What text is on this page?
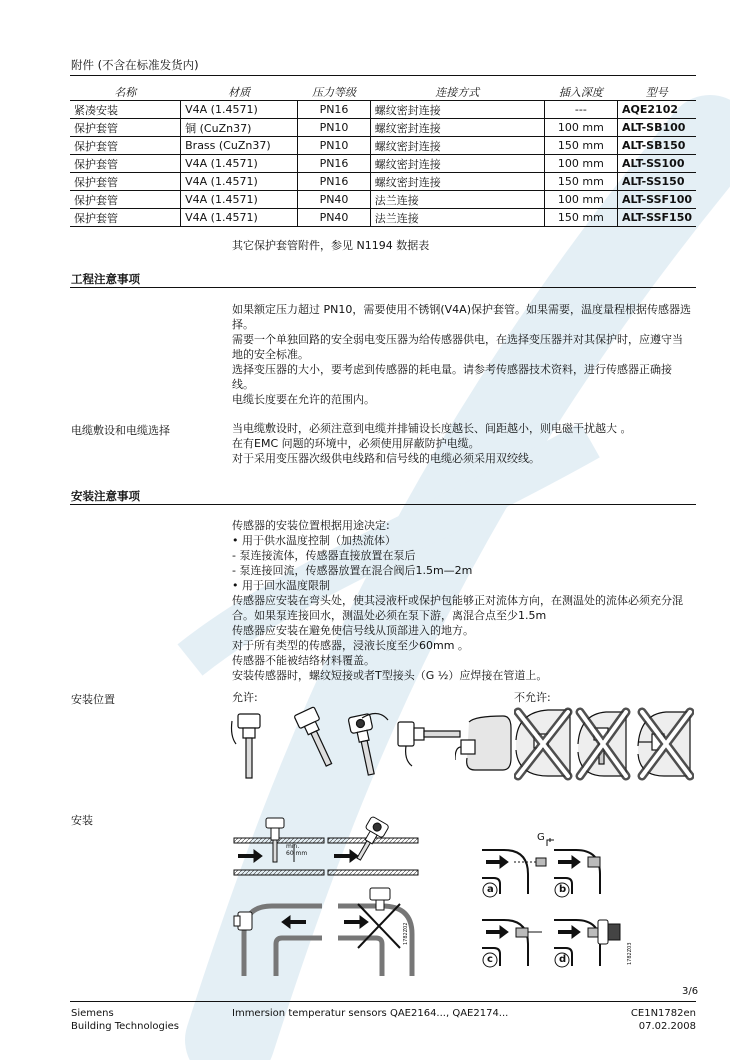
附件 (不含在标准发货内)
名称	材质	压力等级	连接方式	插入深度	型号
紧凑安装	V4A (1.4571)	PN16	螺纹密封连接	---	AQE2102
保护套管	铜 (CuZn37)	PN10	螺纹密封连接	100 mm	ALT-SB100
保护套管	Brass (CuZn37)	PN10	螺纹密封连接	150 mm	ALT-SB150
保护套管	V4A (1.4571)	PN16	螺纹密封连接	100 mm	ALT-SS100
保护套管	V4A (1.4571)	PN16	螺纹密封连接	150 mm	ALT-SS150
保护套管	V4A (1.4571)	PN40	法兰连接	100 mm	ALT-SSF100
保护套管	V4A (1.4571)	PN40	法兰连接	150 mm	ALT-SSF150
其它保护套管附件，参见 N1194 数据表
工程注意事项

如果额定压力超过 PN10，需要使用不锈钢(V4A)保护套管。如果需要，温度量程根据传感器选择。

需要一个单独回路的安全弱电变压器为给传感器供电，在选择变压器并对其保护时，应遵守当地的安全标准。

选择变压器的大小，要考虑到传感器的耗电量。请参考传感器技术资料，进行传感器正确接线。

电缆长度要在允许的范围内。

电缆敷设和电缆选择	当电缆敷设时，必须注意到电缆并排铺设长度越长、间距越小，则电磁干扰越大 。

在有EMC 问题的环境中，必须使用屏蔽防护电缆。

对于采用变压器次级供电线路和信号线的电缆必须采用双绞线。

安装注意事项

传感器的安装位置根据用途决定:

• 用于供水温度控制（加热流体）

- 泵连接流体，传感器直接放置在泵后

- 泵连接回流，传感器放置在混合阀后1.5m—2m

• 用于回水温度限制

传感器应安装在弯头处，使其浸液杆或保护包能够正对流体方向，在测温处的流体必须充分混合。如果泵连接回水，测温处必须在泵下游，离混合点至少1.5m

传感器应安装在避免使信号线从顶部进入的地方。

对于所有类型的传感器，浸液长度至少60mm 。

传感器不能被结络材料覆盖。

安装传感器时，螺纹短接或者T型接头（G ½）应焊接在管道上。

安装位置	允许:	不允许:
安装
min.
60 mm
1782Z02
G
a	b
c	d	1782Z03
3/6
Siemens
Building Technologies
Immersion temperatur sensors QAE2164..., QAE2174...	CE1N1782en
07.02.2008
